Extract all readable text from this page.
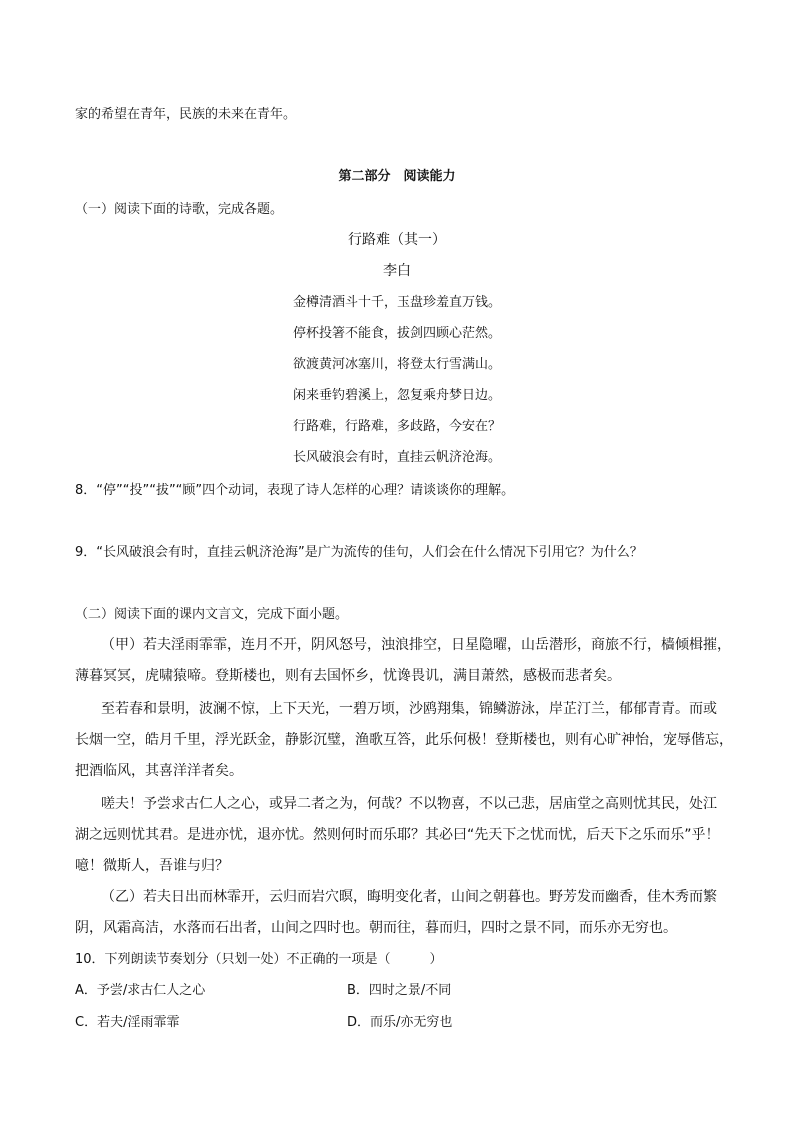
家的希望在青年，民族的未来在青年。
第二部分　阅读能力
（一）阅读下面的诗歌，完成各题。
行路难（其一）
李白
金樽清酒斗十千，玉盘珍羞直万钱。
停杯投箸不能食，拔剑四顾心茫然。
欲渡黄河冰塞川，将登太行雪满山。
闲来垂钓碧溪上，忽复乘舟梦日边。
行路难，行路难，多歧路，今安在？
长风破浪会有时，直挂云帆济沧海。
8．“停”“投”“拔”“顾”四个动词，表现了诗人怎样的心理？请谈谈你的理解。
9．“长风破浪会有时，直挂云帆济沧海”是广为流传的佳句，人们会在什么情况下引用它？为什么？
（二）阅读下面的课内文言文，完成下面小题。
（甲）若夫淫雨霏霏，连月不开，阴风怒号，浊浪排空，日星隐曜，山岳潜形，商旅不行，樯倾楫摧，
薄暮冥冥，虎啸猿啼。登斯楼也，则有去国怀乡，忧谗畏讥，满目萧然，感极而悲者矣。
至若春和景明，波澜不惊，上下天光，一碧万顷，沙鸥翔集，锦鳞游泳，岸芷汀兰，郁郁青青。而或
长烟一空，皓月千里，浮光跃金，静影沉璧，渔歌互答，此乐何极！登斯楼也，则有心旷神怡，宠辱偕忘，
把酒临风，其喜洋洋者矣。
嗟夫！予尝求古仁人之心，或异二者之为，何哉？不以物喜，不以己悲，居庙堂之高则忧其民，处江
湖之远则忧其君。是进亦忧，退亦忧。然则何时而乐耶？其必曰“先天下之忧而忧，后天下之乐而乐”乎！
噫！微斯人，吾谁与归？
（乙）若夫日出而林霏开，云归而岩穴暝，晦明变化者，山间之朝暮也。野芳发而幽香，佳木秀而繁
阴，风霜高洁，水落而石出者，山间之四时也。朝而往，暮而归，四时之景不同，而乐亦无穷也。
10．下列朗读节奏划分（只划一处）不正确的一项是（　　　）
A．予尝/求古仁人之心	B．四时之景/不同
C．若夫/淫雨霏霏	D．而乐/亦无穷也
